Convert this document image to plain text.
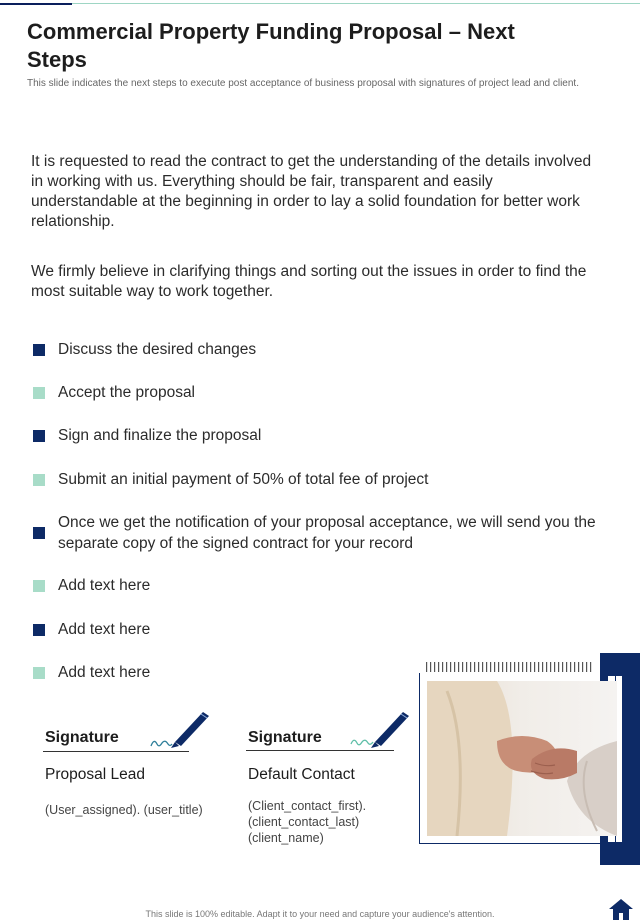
Commercial Property Funding Proposal – Next Steps

This slide indicates the next steps to execute post acceptance of business proposal with signatures of project lead and client.

It is requested to read the contract to get the understanding of the details involved in working with us. Everything should be fair, transparent and easily understandable at the beginning in order to lay a solid foundation for better work relationship.

We firmly believe in clarifying things and sorting out the issues in order to find the most suitable way to work together.

Discuss the desired changes
Accept the proposal
Sign and finalize the proposal
Submit an initial payment of 50% of total fee of project
Once we get the notification of your proposal acceptance, we will send you the separate copy of the signed contract for your record
Add text here
Add text here
Add text here
Signature
Proposal Lead
(User_assigned). (user_title)
Signature
Default Contact
(Client_contact_first).
(client_contact_last)
(client_name)
This slide is 100% editable. Adapt it to your need and capture your audience's attention.
